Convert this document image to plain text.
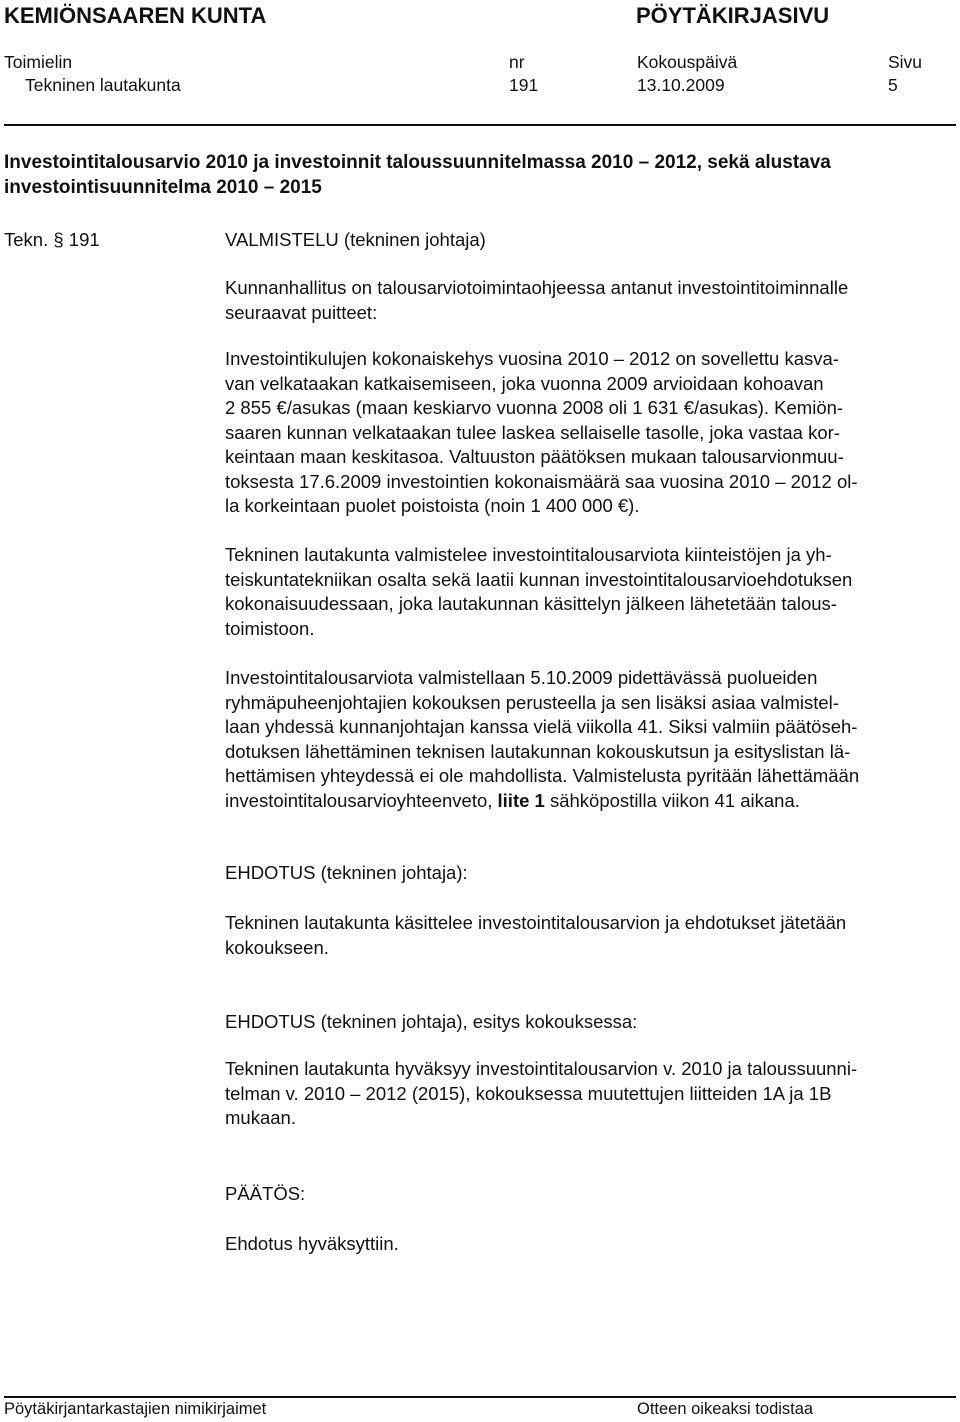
KEMIÖNSAAREN KUNTA	PÖYTÄKIRJASIVU
Toimielin	nr	Kokouspäivä	Sivu
Tekninen lautakunta	191	13.10.2009	5
Investointitalousarvio 2010 ja investoinnit taloussuunnitelmassa 2010 – 2012, sekä alustava
investointisuunnitelma 2010 – 2015
Tekn. § 191	VALMISTELU (tekninen johtaja)
Kunnanhallitus on talousarviotoimintaohjeessa antanut investointitoiminnalle
seuraavat puitteet:
Investointikulujen kokonaiskehys vuosina 2010 – 2012 on sovellettu kasva-
van velkataakan katkaisemiseen, joka vuonna 2009 arvioidaan kohoavan
2 855 €/asukas (maan keskiarvo vuonna 2008 oli 1 631 €/asukas). Kemiön-
saaren kunnan velkataakan tulee laskea sellaiselle tasolle, joka vastaa kor-
keintaan maan keskitasoa. Valtuuston päätöksen mukaan talousarvionmuu-
toksesta 17.6.2009 investointien kokonaismäärä saa vuosina 2010 – 2012 ol-
la korkeintaan puolet poistoista (noin 1 400 000 €).
Tekninen lautakunta valmistelee investointitalousarviota kiinteistöjen ja yh-
teiskuntatekniikan osalta sekä laatii kunnan investointitalousarvioehdotuksen
kokonaisuudessaan, joka lautakunnan käsittelyn jälkeen lähetetään talous-
toimistoon.
Investointitalousarviota valmistellaan 5.10.2009 pidettävässä puolueiden
ryhmäpuheenjohtajien kokouksen perusteella ja sen lisäksi asiaa valmistel-
laan yhdessä kunnanjohtajan kanssa vielä viikolla 41. Siksi valmiin päätöseh-
dotuksen lähettäminen teknisen lautakunnan kokouskutsun ja esityslistan lä-
hettämisen yhteydessä ei ole mahdollista. Valmistelusta pyritään lähettämään
investointitalousarvioyhteenveto, liite 1 sähköpostilla viikon 41 aikana.
EHDOTUS (tekninen johtaja):
Tekninen lautakunta käsittelee investointitalousarvion ja ehdotukset jätetään
kokoukseen.
EHDOTUS (tekninen johtaja), esitys kokouksessa:
Tekninen lautakunta hyväksyy investointitalousarvion v. 2010 ja taloussuunni-
telman v. 2010 – 2012 (2015), kokouksessa muutettujen liitteiden 1A ja 1B
mukaan.
PÄÄTÖS:
Ehdotus hyväksyttiin.
Pöytäkirjantarkastajien nimikirjaimet	Otteen oikeaksi todistaa
